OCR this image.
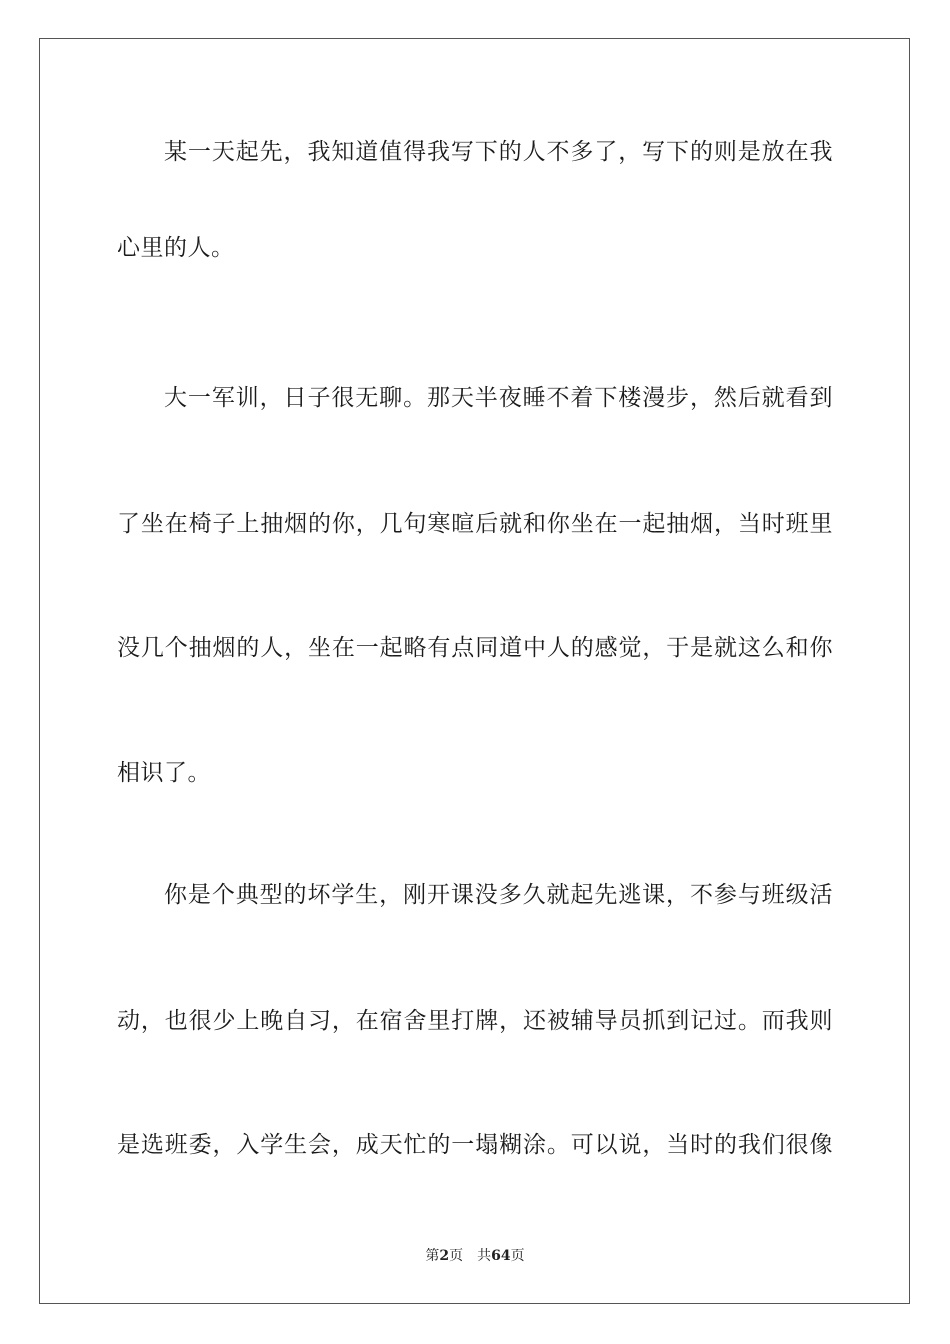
某一天起先，我知道值得我写下的人不多了，写下的则是放在我
心里的人。
大一军训，日子很无聊。那天半夜睡不着下楼漫步，然后就看到
了坐在椅子上抽烟的你，几句寒暄后就和你坐在一起抽烟，当时班里
没几个抽烟的人，坐在一起略有点同道中人的感觉，于是就这么和你
相识了。
你是个典型的坏学生，刚开课没多久就起先逃课，不参与班级活
动，也很少上晚自习，在宿舍里打牌，还被辅导员抓到记过。而我则
是选班委，入学生会，成天忙的一塌糊涂。可以说，当时的我们很像
第2页 共64页
